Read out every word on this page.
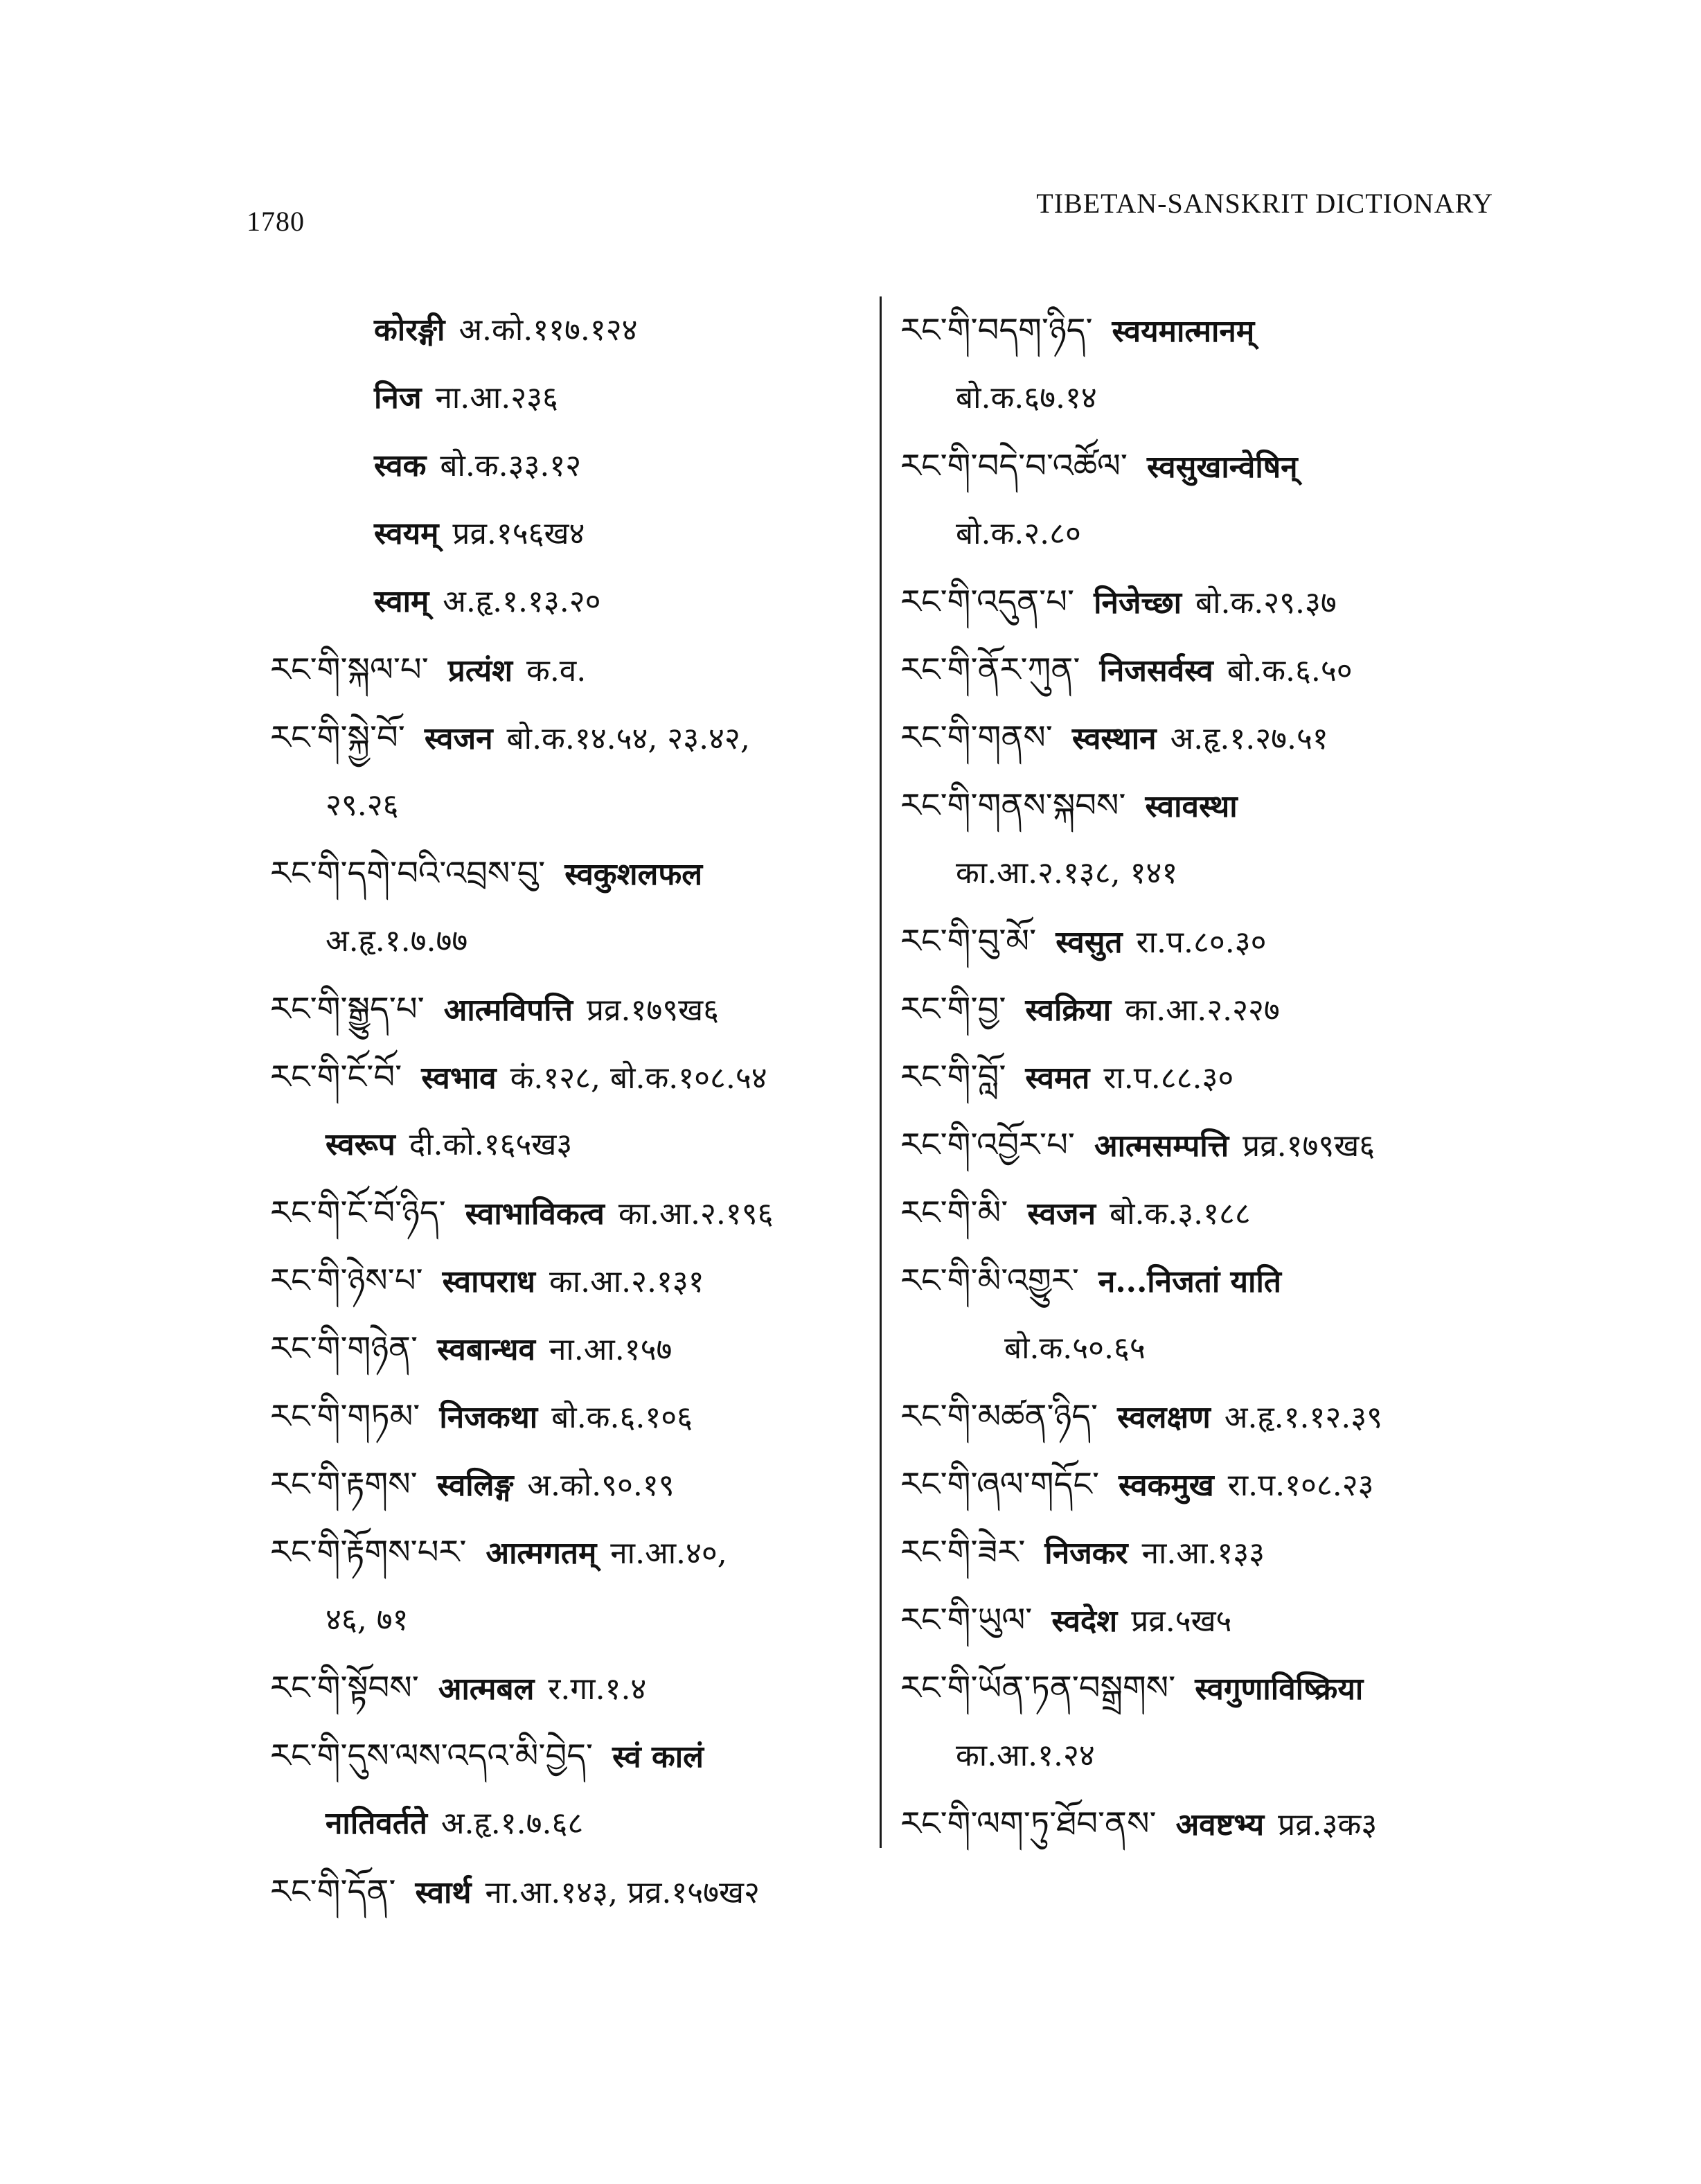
1780
TIBETAN-SANSKRIT DICTIONARY
कोरङ्गी अ.को.११७.१२४
निज ना.आ.२३६
स्वक बो.क.३३.१२
स्वयम् प्रव्र.१५६ख४
स्वाम् अ.हृ.१.१३.२०
རང་གི་སྐལ་པ་ प्रत्यंश क.व.
རང་གི་སྐྱེ་བོ་ स्वजन बो.क.१४.५४, २३.४२,
२९.२६
རང་གི་དགེ་བའི་འབྲས་བུ་ स्वकुशलफल
अ.हृ.१.७.७७
རང་གི་སྒྱུད་པ་ आत्मविपत्ति प्रव्र.१७९ख६
རང་གི་ངོ་བོ་ स्वभाव कं.१२८, बो.क.१०८.५४
स्वरूप दी.को.१६५ख३
རང་གི་ངོ་བོ་ཉིད་ स्वाभाविकत्व का.आ.२.१९६
རང་གི་ཉེས་པ་ स्वापराध का.आ.२.१३१
རང་གི་གཉེན་ स्वबान्धव ना.आ.१५७
རང་གི་གཏམ་ निजकथा बो.क.६.१०६
རང་གི་རྟགས་ स्वलिङ्ग अ.को.९०.१९
རང་གི་རྟོགས་པར་ आत्मगतम् ना.आ.४०,
४६, ७१
རང་གི་སྟོབས་ आत्मबल र.गा.१.४
རང་གི་དུས་ལས་འདའ་མི་བྱེད་ स्वं कालं
नातिवर्तते अ.हृ.१.७.६८
རང་གི་དོན་ स्वार्थ ना.आ.१४३, प्रव्र.१५७ख२
རང་གི་བདག་ཉིད་ स्वयमात्मानम्
बो.क.६७.१४
རང་གི་བདེ་བ་འཚོལ་ स्वसुखान्वेषिन्
बो.क.२.८०
རང་གི་འདུན་པ་ निजेच्छा बो.क.२९.३७
རང་གི་ནོར་ཀུན་ निजसर्वस्व बो.क.६.५०
རང་གི་གནས་ स्वस्थान अ.हृ.१.२७.५१
རང་གི་གནས་སྐབས་ स्वावस्था
का.आ.२.१३८, १४१
རང་གི་བུ་མོ་ स्वसुत रा.प.८०.३०
རང་གི་བྱ་ स्वक्रिया का.आ.२.२२७
རང་གི་བློ་ स्वमत रा.प.८८.३०
རང་གི་འབྱོར་པ་ आत्मसम्पत्ति प्रव्र.१७९ख६
རང་གི་མི་ स्वजन बो.क.३.१८८
རང་གི་མི་འགྱུར་ न...निजतां याति
बो.क.५०.६५
རང་གི་མཚན་ཉིད་ स्वलक्षण अ.हृ.१.१२.३९
རང་གི་ཞལ་གདོང་ स्वकमुख रा.प.१०८.२३
རང་གི་ཟེར་ निजकर ना.आ.१३३
རང་གི་ཡུལ་ स्वदेश प्रव्र.५ख५
རང་གི་ཡོན་ཏན་བསྒྲགས་ स्वगुणाविष्क्रिया
का.आ.१.२४
རང་གི་ལག་ཏུ་ཐོབ་ནས་ अवष्टभ्य प्रव्र.३क३
